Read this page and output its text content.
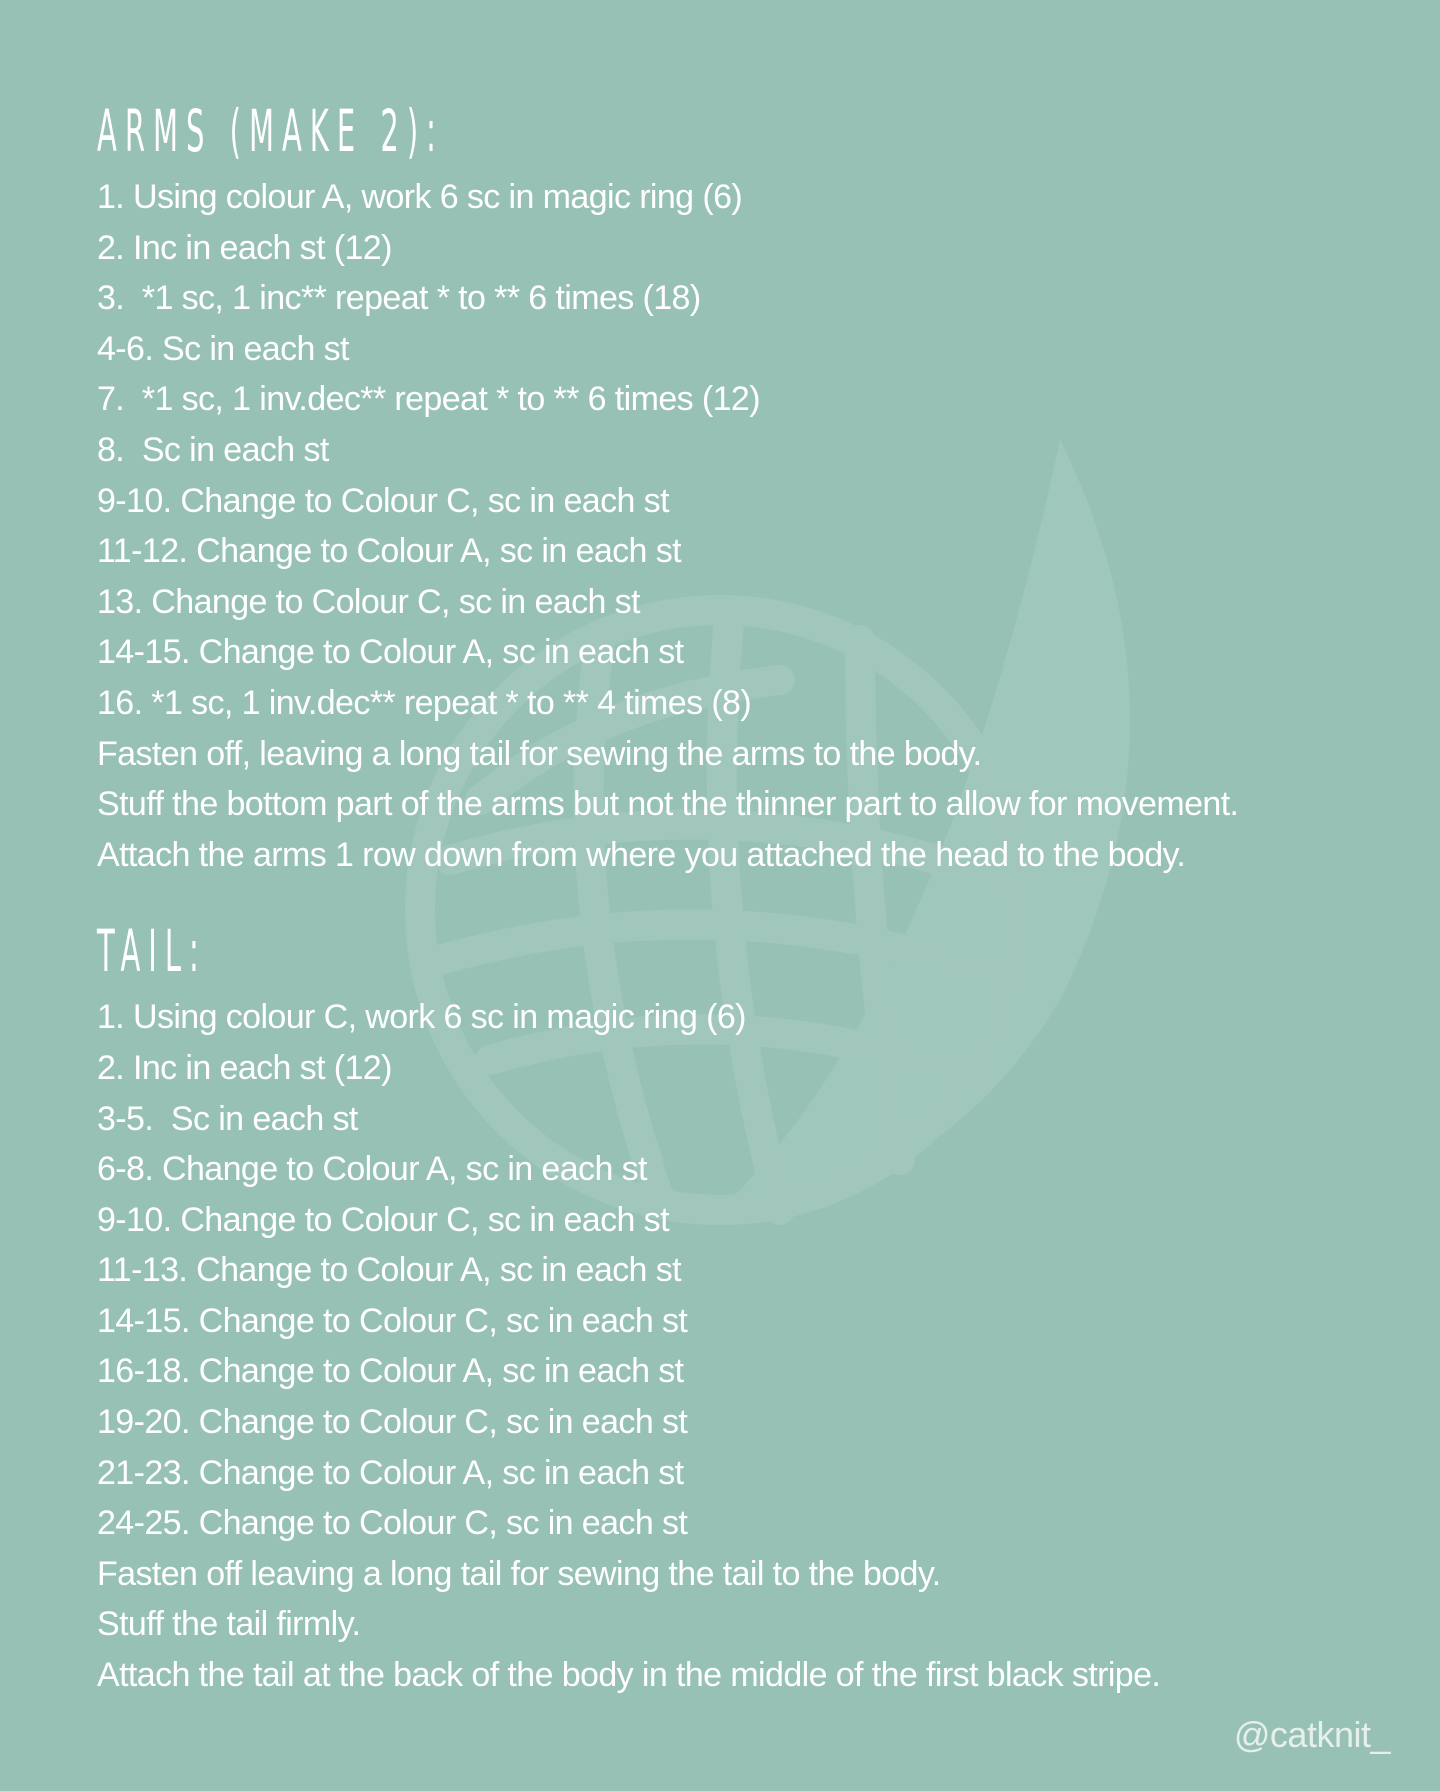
ARMS (MAKE 2):
1. Using colour A, work 6 sc in magic ring (6)
2. Inc in each st (12)
3.  *1 sc, 1 inc** repeat * to ** 6 times (18)
4-6. Sc in each st
7.  *1 sc, 1 inv.dec** repeat * to ** 6 times (12)
8.  Sc in each st
9-10. Change to Colour C, sc in each st
11-12. Change to Colour A, sc in each st
13. Change to Colour C, sc in each st
14-15. Change to Colour A, sc in each st
16. *1 sc, 1 inv.dec** repeat * to ** 4 times (8)
Fasten off, leaving a long tail for sewing the arms to the body.
Stuff the bottom part of the arms but not the thinner part to allow for movement.
Attach the arms 1 row down from where you attached the head to the body.
TAIL:
1. Using colour C, work 6 sc in magic ring (6)
2. Inc in each st (12)
3-5.  Sc in each st
6-8. Change to Colour A, sc in each st
9-10. Change to Colour C, sc in each st
11-13. Change to Colour A, sc in each st
14-15. Change to Colour C, sc in each st
16-18. Change to Colour A, sc in each st
19-20. Change to Colour C, sc in each st
21-23. Change to Colour A, sc in each st
24-25. Change to Colour C, sc in each st
Fasten off leaving a long tail for sewing the tail to the body.
Stuff the tail firmly.
Attach the tail at the back of the body in the middle of the first black stripe.
@catknit_
